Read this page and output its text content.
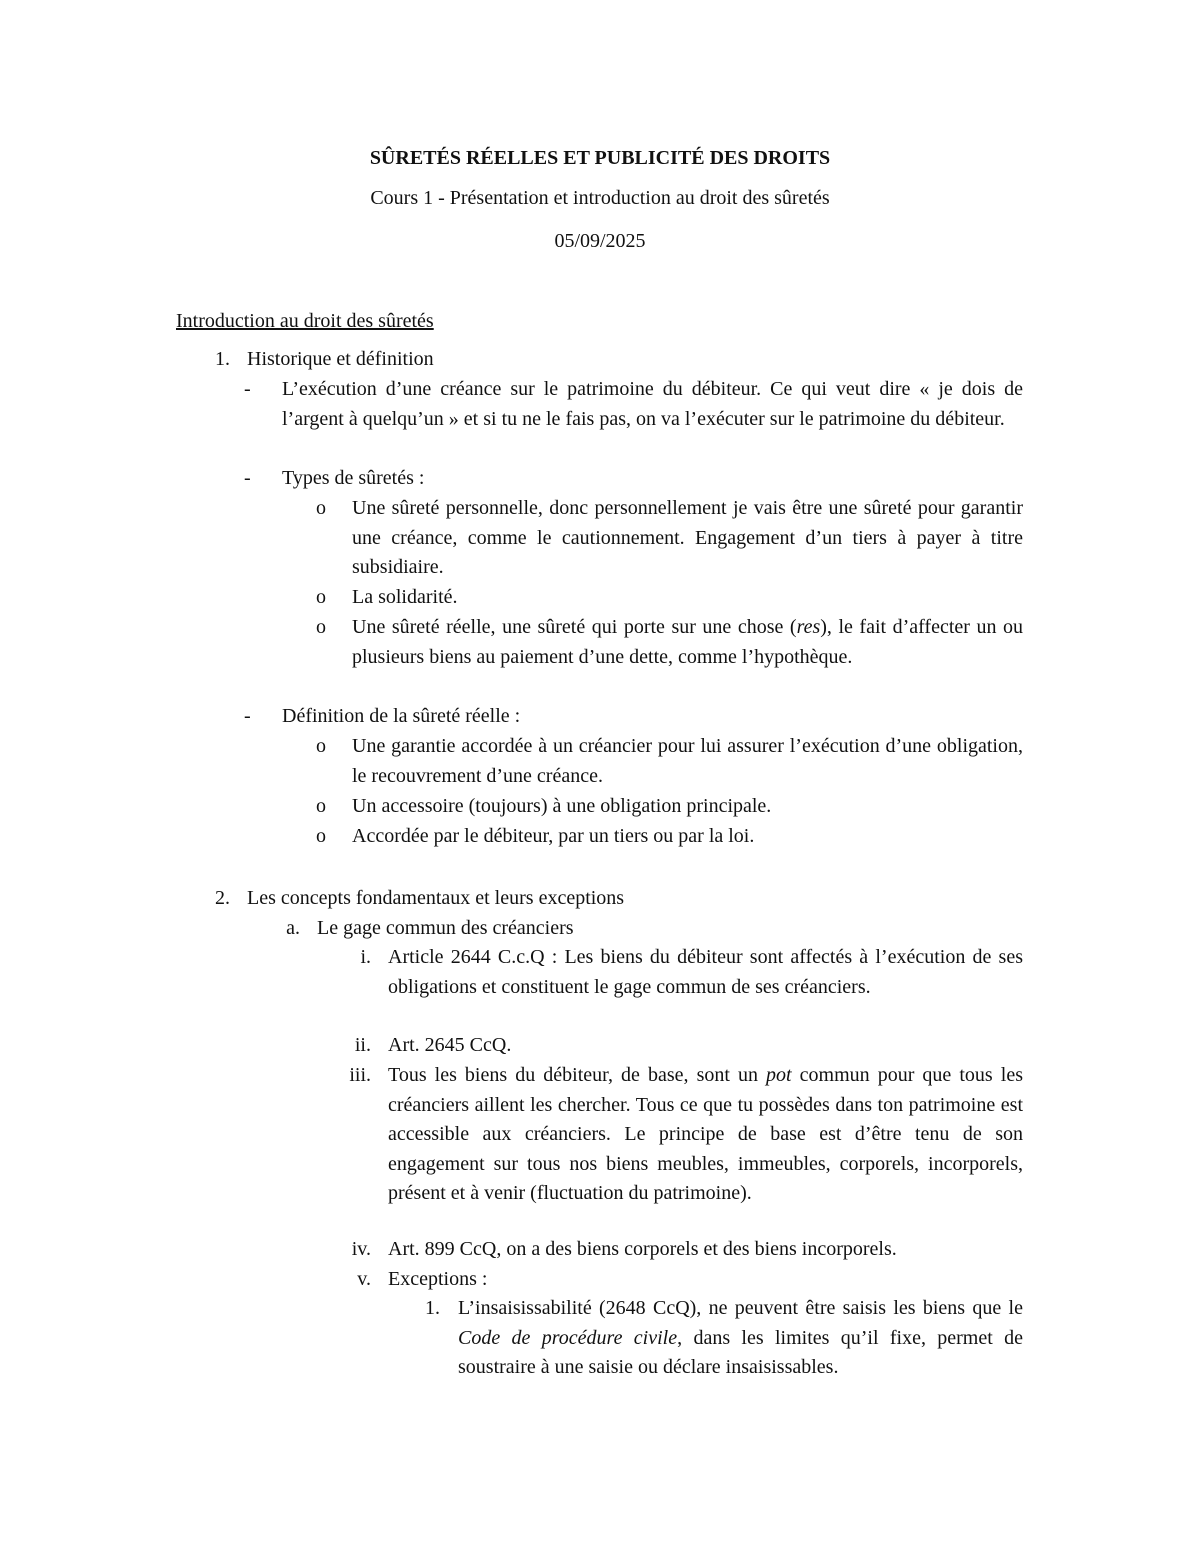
SÛRETÉS RÉELLES ET PUBLICITÉ DES DROITS
Cours 1 - Présentation et introduction au droit des sûretés
05/09/2025
Introduction au droit des sûretés
1. Historique et définition
-	L’exécution d’une créance sur le patrimoine du débiteur. Ce qui veut dire « je dois de l’argent à quelqu’un » et si tu ne le fais pas, on va l’exécuter sur le patrimoine du débiteur.
-	Types de sûretés :
o	Une sûreté personnelle, donc personnellement je vais être une sûreté pour garantir une créance, comme le cautionnement. Engagement d’un tiers à payer à titre subsidiaire.
o	La solidarité.
o	Une sûreté réelle, une sûreté qui porte sur une chose (res), le fait d’affecter un ou plusieurs biens au paiement d’une dette, comme l’hypothèque.
-	Définition de la sûreté réelle :
o	Une garantie accordée à un créancier pour lui assurer l’exécution d’une obligation, le recouvrement d’une créance.
o	Un accessoire (toujours) à une obligation principale.
o	Accordée par le débiteur, par un tiers ou par la loi.
2. Les concepts fondamentaux et leurs exceptions
a. Le gage commun des créanciers
i. Article 2644 C.c.Q : Les biens du débiteur sont affectés à l’exécution de ses obligations et constituent le gage commun de ses créanciers.
ii. Art. 2645 CcQ.
iii. Tous les biens du débiteur, de base, sont un pot commun pour que tous les créanciers aillent les chercher. Tous ce que tu possèdes dans ton patrimoine est accessible aux créanciers. Le principe de base est d’être tenu de son engagement sur tous nos biens meubles, immeubles, corporels, incorporels, présent et à venir (fluctuation du patrimoine).
iv. Art. 899 CcQ, on a des biens corporels et des biens incorporels.
v. Exceptions :
1. L’insaisissabilité (2648 CcQ), ne peuvent être saisis les biens que le Code de procédure civile, dans les limites qu’il fixe, permet de soustraire à une saisie ou déclare insaisissables.
